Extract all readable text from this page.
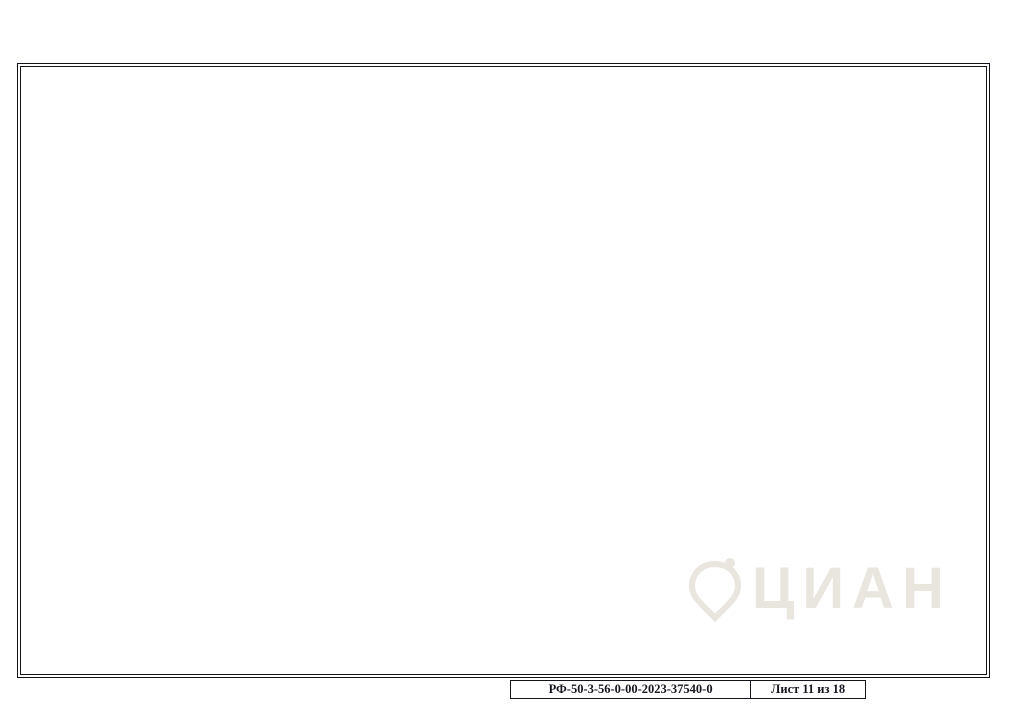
ЦИАН
РФ-50-3-56-0-00-2023-37540-0	Лист 11 из 18
